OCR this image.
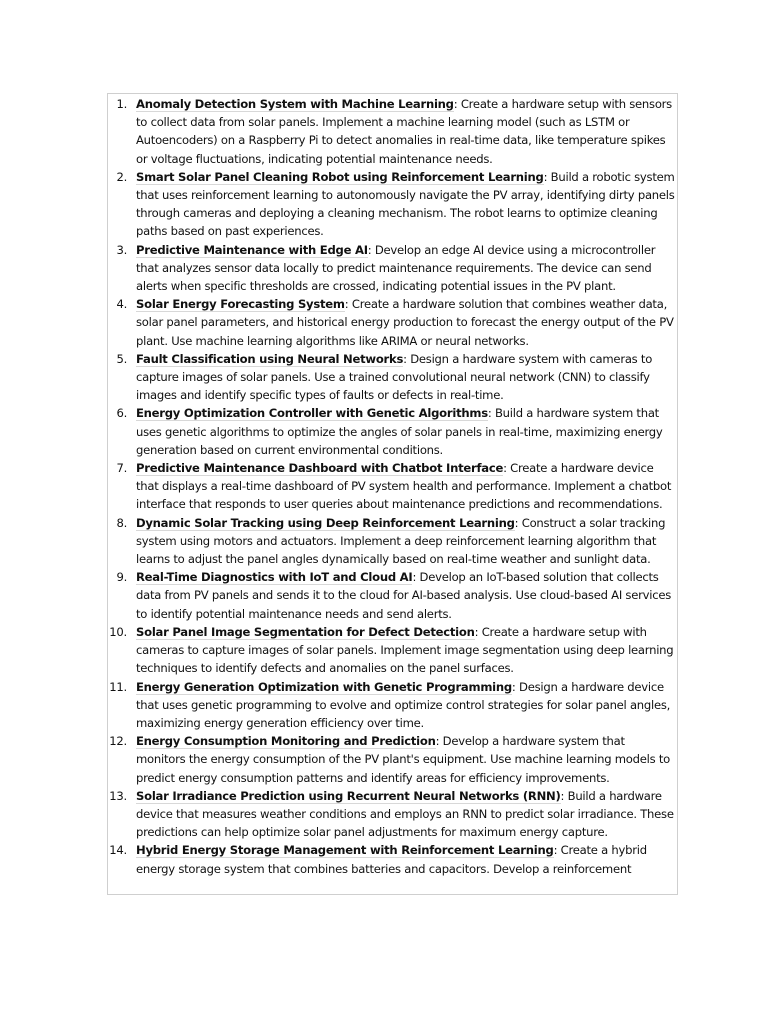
1. Anomaly Detection System with Machine Learning: Create a hardware setup with sensors to collect data from solar panels. Implement a machine learning model (such as LSTM or Autoencoders) on a Raspberry Pi to detect anomalies in real-time data, like temperature spikes or voltage fluctuations, indicating potential maintenance needs.
2. Smart Solar Panel Cleaning Robot using Reinforcement Learning: Build a robotic system that uses reinforcement learning to autonomously navigate the PV array, identifying dirty panels through cameras and deploying a cleaning mechanism. The robot learns to optimize cleaning paths based on past experiences.
3. Predictive Maintenance with Edge AI: Develop an edge AI device using a microcontroller that analyzes sensor data locally to predict maintenance requirements. The device can send alerts when specific thresholds are crossed, indicating potential issues in the PV plant.
4. Solar Energy Forecasting System: Create a hardware solution that combines weather data, solar panel parameters, and historical energy production to forecast the energy output of the PV plant. Use machine learning algorithms like ARIMA or neural networks.
5. Fault Classification using Neural Networks: Design a hardware system with cameras to capture images of solar panels. Use a trained convolutional neural network (CNN) to classify images and identify specific types of faults or defects in real-time.
6. Energy Optimization Controller with Genetic Algorithms: Build a hardware system that uses genetic algorithms to optimize the angles of solar panels in real-time, maximizing energy generation based on current environmental conditions.
7. Predictive Maintenance Dashboard with Chatbot Interface: Create a hardware device that displays a real-time dashboard of PV system health and performance. Implement a chatbot interface that responds to user queries about maintenance predictions and recommendations.
8. Dynamic Solar Tracking using Deep Reinforcement Learning: Construct a solar tracking system using motors and actuators. Implement a deep reinforcement learning algorithm that learns to adjust the panel angles dynamically based on real-time weather and sunlight data.
9. Real-Time Diagnostics with IoT and Cloud AI: Develop an IoT-based solution that collects data from PV panels and sends it to the cloud for AI-based analysis. Use cloud-based AI services to identify potential maintenance needs and send alerts.
10. Solar Panel Image Segmentation for Defect Detection: Create a hardware setup with cameras to capture images of solar panels. Implement image segmentation using deep learning techniques to identify defects and anomalies on the panel surfaces.
11. Energy Generation Optimization with Genetic Programming: Design a hardware device that uses genetic programming to evolve and optimize control strategies for solar panel angles, maximizing energy generation efficiency over time.
12. Energy Consumption Monitoring and Prediction: Develop a hardware system that monitors the energy consumption of the PV plant's equipment. Use machine learning models to predict energy consumption patterns and identify areas for efficiency improvements.
13. Solar Irradiance Prediction using Recurrent Neural Networks (RNN): Build a hardware device that measures weather conditions and employs an RNN to predict solar irradiance. These predictions can help optimize solar panel adjustments for maximum energy capture.
14. Hybrid Energy Storage Management with Reinforcement Learning: Create a hybrid energy storage system that combines batteries and capacitors. Develop a reinforcement
